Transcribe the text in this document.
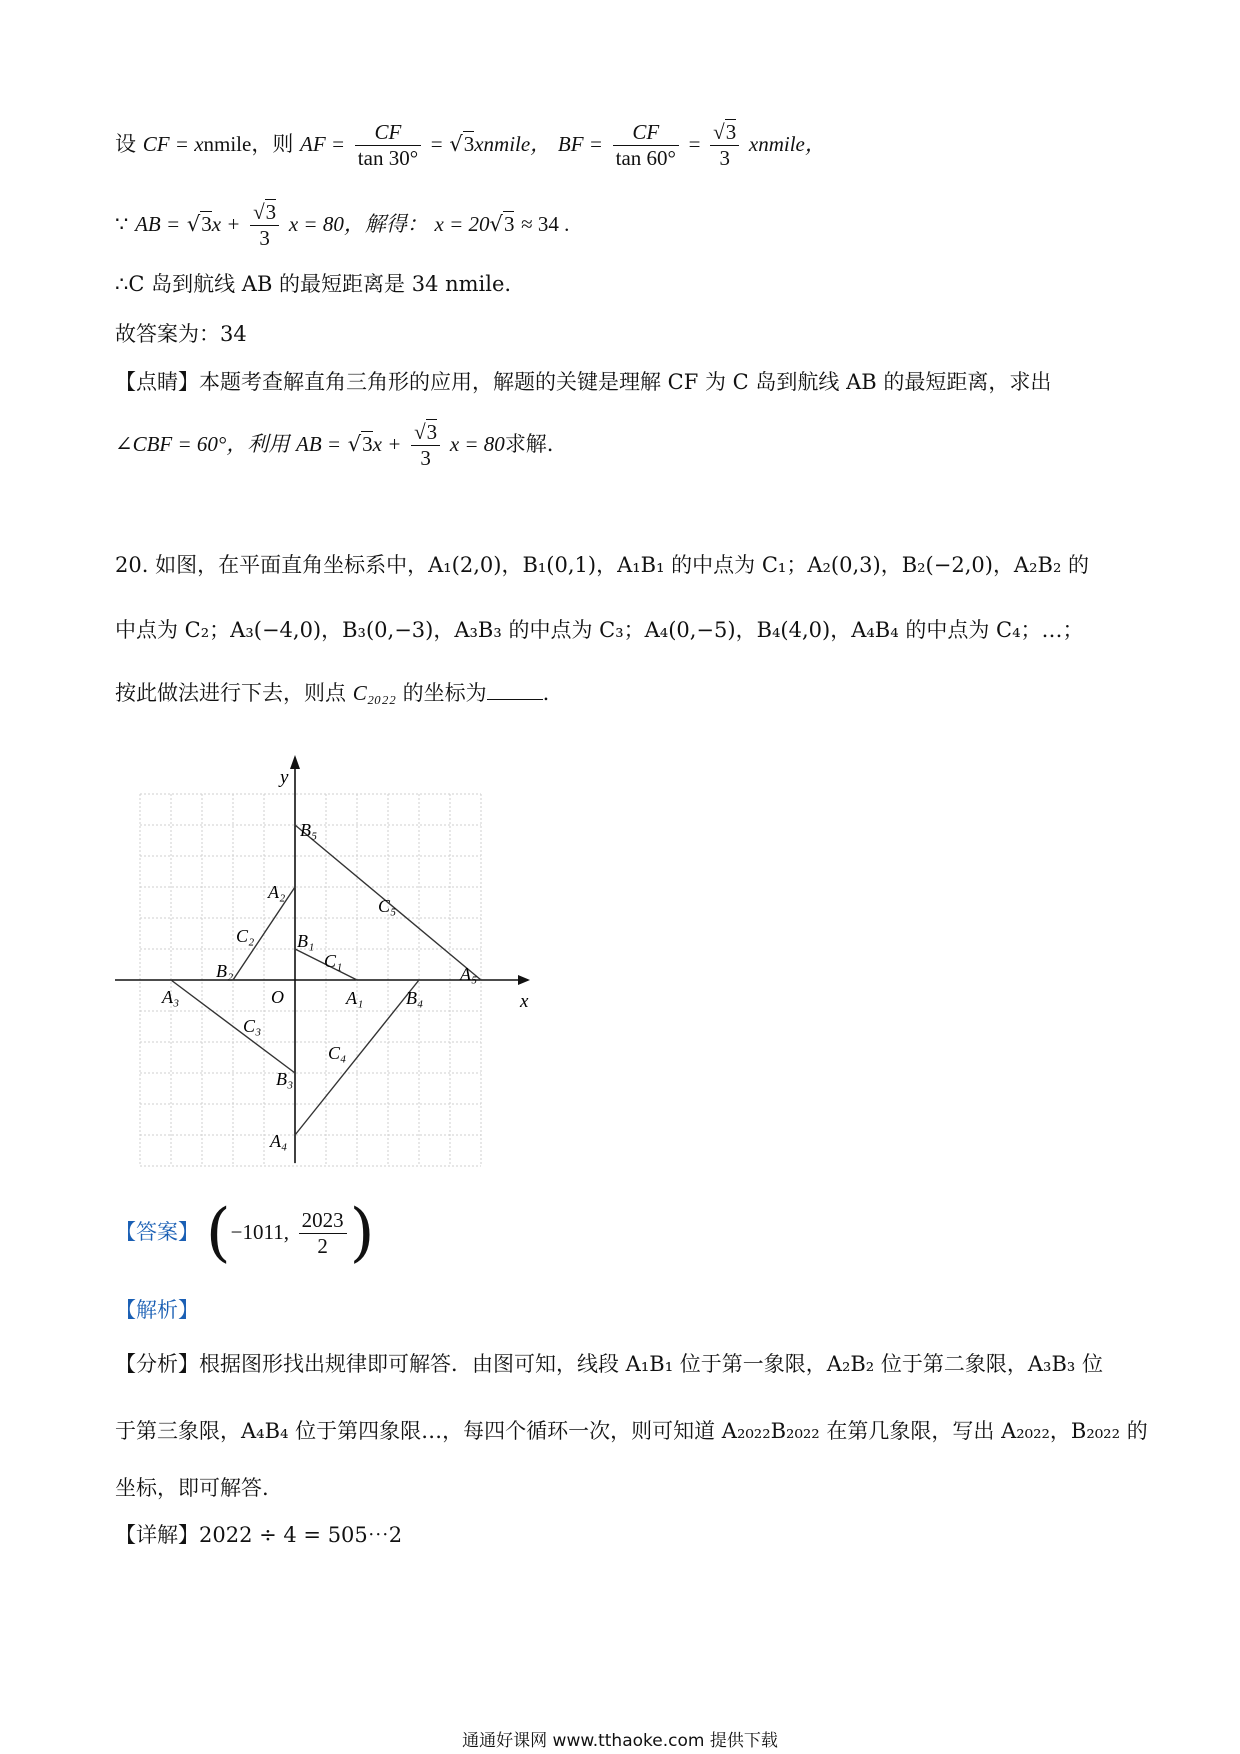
设 CF = xnmile，则 AF = $\frac{CF}{\tan 30^\circ}$ = √3xnmile， BF = $\frac{CF}{\tan 60^\circ} = \frac{√3}{3}$ xnmile，
∵ AB = $√3x + \frac{√3}{3}$ x = 80，解得： x = 20√3 ≈ 34 .
∴C 岛到航线 AB 的最短距离是 34 nmile.
故答案为：34
【点睛】本题考查解直角三角形的应用，解题的关键是理解 CF 为 C 岛到航线 AB 的最短距离，求出
∠CBF = 60°，利用 AB = $√3x + \frac{√3}{3}$ x = 80求解.
20. 如图，在平面直角坐标系中，A₁(2,0)，B₁(0,1)，A₁B₁ 的中点为 C₁；A₂(0,3)，B₂(−2,0)，A₂B₂ 的
中点为 C₂；A₃(−4,0)，B₃(0,−3)，A₃B₃ 的中点为 C₃；A₄(0,−5)，B₄(4,0)，A₄B₄ 的中点为 C₄；…；
按此做法进行下去，则点 C₂₀₂₂ 的坐标为	.
y
x
O	A₁
B₁
C₁
A₂
B₂
C₂
A₃
B₃
C₃
A₄
B₄
C₄
A₅
B₅
C₅
【答案】 (−1011, $\frac{2023}{2}$ )
【解析】
【分析】根据图形找出规律即可解答．由图可知，线段 A₁B₁ 位于第一象限，A₂B₂ 位于第二象限，A₃B₃ 位
于第三象限，A₄B₄ 位于第四象限…，每四个循环一次，则可知道 A₂₀₂₂B₂₀₂₂ 在第几象限，写出 A₂₀₂₂，B₂₀₂₂ 的
坐标，即可解答.
【详解】2022 ÷ 4 = 505⋯2
通通好课网 www.tthaoke.com 提供下载
